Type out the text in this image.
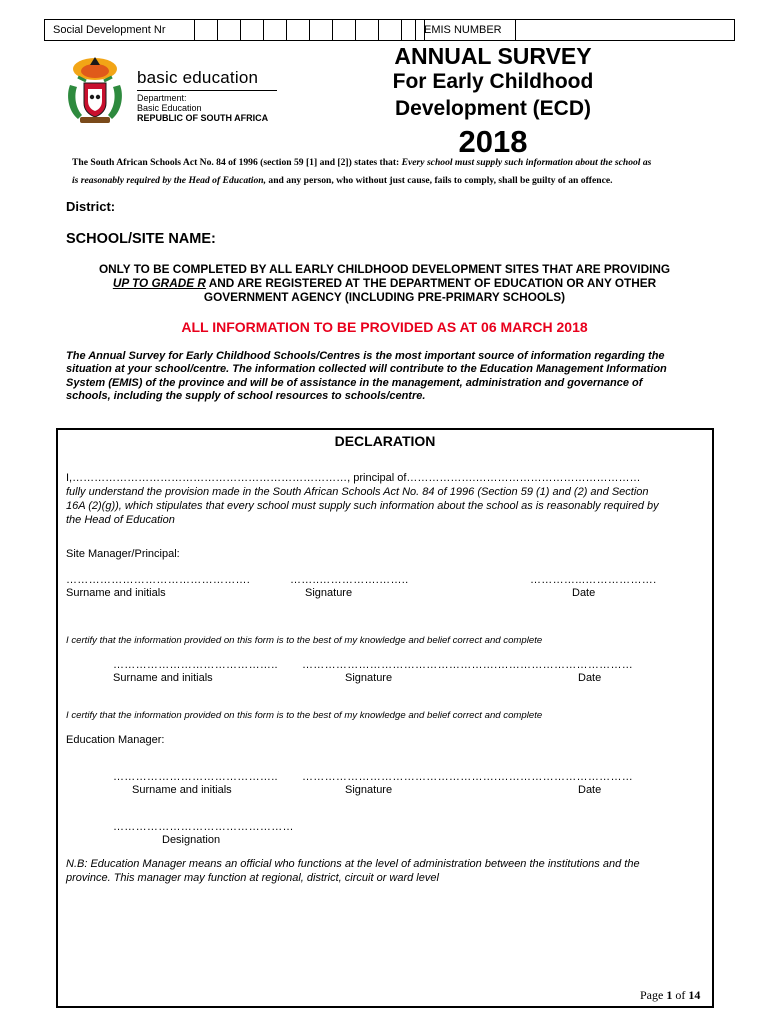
Social Development Nr	EMIS NUMBER
basic education
Department:
Basic Education
REPUBLIC OF SOUTH AFRICA
ANNUAL SURVEY
For Early Childhood
Development (ECD)
2018
The South African Schools Act No. 84 of 1996 (section 59 [1] and [2]) states that: Every school must supply such information about the school as
is reasonably required by the Head of Education, and any person, who without just cause, fails to comply, shall be guilty of an offence.
District:
SCHOOL/SITE NAME:
ONLY TO BE COMPLETED BY ALL EARLY CHILDHOOD DEVELOPMENT SITES THAT ARE PROVIDING
UP TO GRADE R AND ARE REGISTERED AT THE DEPARTMENT OF EDUCATION OR ANY OTHER
GOVERNMENT AGENCY (INCLUDING PRE-PRIMARY SCHOOLS)
ALL INFORMATION TO BE PROVIDED AS AT 06 MARCH 2018
The Annual Survey for Early Childhood Schools/Centres is the most important source of information regarding the
situation at your school/centre. The information collected will contribute to the Education Management Information
System (EMIS) of the province and will be of assistance in the management, administration and governance of
schools, including the supply of school resources to schools/centre.
DECLARATION
I,…………………………………………………………………, principal of……………….………………………………………
fully understand the provision made in the South African Schools Act No. 84 of 1996 (Section 59 (1) and (2) and Section
16A (2)(g)), which stipulates that every school must supply such information about the school as is reasonably required by
the Head of Education
Site Manager/Principal:
………………………………………….	……..…………….……..	…………...……………….
Surname and initials	Signature	Date
I certify that the information provided on this form is to the best of my knowledge and belief correct and complete
…………………………………….. …………………………………………….………………………………
Surname and initials	Signature	Date
I certify that the information provided on this form is to the best of my knowledge and belief correct and complete
Education Manager:
…………………………………….. …………………………………………….………………………………
Surname and initials	Signature	Date
…………………………………………
Designation
N.B: Education Manager means an official who functions at the level of administration between the institutions and the
province. This manager may function at regional, district, circuit or ward level
Page 1 of 14
